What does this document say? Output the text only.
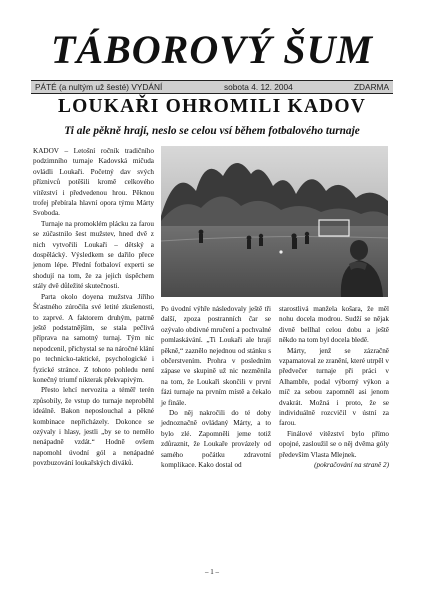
TÁBOROVÝ ŠUM
PÁTÉ (a nultým už šesté) VYDÁNÍ	sobota 4. 12. 2004	ZDARMA
LOUKAŘI OHROMILI KADOV
Ti ale pěkně hrají, neslo se celou vsí během fotbalového turnaje

KADOV – Letošní ročník tradičního podzimního turnaje Kadovská mičuda ovládli Loukaři. Početný dav svých příznivců potěšili kromě celkového vítězství i předvedenou hrou. Pěknou trofej přebírala hlavní opora týmu Márty Svoboda.

Turnaje na promoklém plácku za farou se zúčastnilo šest mužstev, hned dvě z nich vytvořili Loukaři – dětský a dospělácký. Výsledkem se dařilo přece jenom lépe. Přední fotbaloví experti se shodují na tom, že za jejich úspěchem stály dvě důležité skutečnosti.

Parta okolo doyena mužstva Jiřího Šťastného zúročila své letité zkušenosti, to zaprvé. A faktorem druhým, patrně ještě podstatnějším, se stala pečlivá příprava na samotný turnaj. Tým nic nepodcenil, přichystal se na náročné klání po technicko-taktické, psychologické i fyzické stránce. Z tohoto pohledu není konečný triumf nikterak překvapivým.

Přesto lehcí nervozita a téměř terén způsobily, že vstup do turnaje neproběhl ideálně. Bakon neposlouchal a pěkné kombinace nepřicházely. Dokonce se ozývaly i hlasy, jestli „by se to nemělo nenápadně vzdát.“ Hodně ovšem napomohl úvodní gól a nenápadné povzbuzování loukařských diváků.

Po úvodní výhře následovaly ještě tři další, zpoza postranních čar se ozývalo obdivné mručení a pochvalné pomlaskávání. „Ti Loukaři ale hrají pěkně,“ zaznělo nejednou od stánku s občerstvením. Prohra v posledním zápase ve skupině už nic nezměnila na tom, že Loukaři skončili v první fázi turnaje na prvním místě a čekalo je finále.

Do něj nakročili do té doby jednoznačně ovládaný Márty, a to bylo zlé. Zapomněli jeme totiž zdůraznit, že Loukaře provázely od samého počátku zdravotní komplikace. Kako dostal od

starostlivá manžela košara, že měl nohu docela modrou. Sudží se nějak divně bellhal celou dobu a ještě někdo na tom byl docela bledě.

Márty, jenž se zázračně vzpamatoval ze zranění, které utrpěl v předvečer turnaje při práci v Alhambře, podal výborný výkon a míč za sebou zapomněl asi jenom dvakrát. Možná i proto, že se individuálně rozcvičil v ústní za farou.

Finálové vítězství bylo přímo opojné, zasloužil se o něj dvěma góly především Vlasta Mlejnek.

(pokračování na straně 2)
– 1 –
